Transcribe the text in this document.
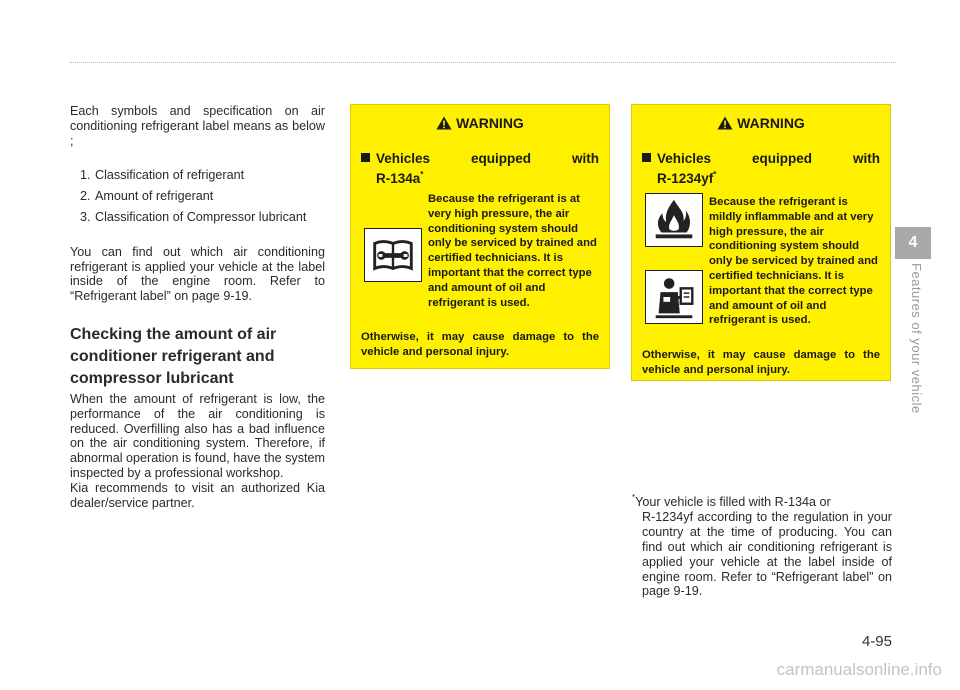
Each symbols and specification on air conditioning refrigerant label means as below ;

1. Classification of refrigerant
2. Amount of refrigerant
3. Classification of Compressor lubricant

You can find out which air conditioning refrigerant is applied your vehicle at the label inside of the engine room. Refer to “Refrigerant label” on page 9-19.

Checking the amount of air conditioner refrigerant and compressor lubricant

When the amount of refrigerant is low, the performance of the air conditioning is reduced. Overfilling also has a bad influence on the air conditioning system. Therefore, if abnormal operation is found, have the system inspected by a professional workshop.

Kia recommends to visit an authorized Kia dealer/service partner.

WARNING
Vehicles	equipped	with
R-134a*
Because the refrigerant is at very high pressure, the air conditioning system should only be serviced by trained and certified technicians. It is important that the correct type and amount of oil and refrigerant is used.
Otherwise, it may cause damage to the vehicle and personal injury.
WARNING
Vehicles	equipped	with
R-1234yf*
Because the refrigerant is mildly inflammable and at very high pressure, the air conditioning system should only be serviced by trained and certified technicians. It is important that the correct type and amount of oil and refrigerant is used.
Otherwise, it may cause damage to the vehicle and personal injury.
*Your vehicle is filled with R-134a or
R-1234yf according to the regulation in your country at the time of producing. You can find out which air conditioning refrigerant is applied your vehicle at the label inside of engine room. Refer to “Refrigerant label” on page 9-19.
4
Features of your vehicle
4-95
carmanualsonline.info
